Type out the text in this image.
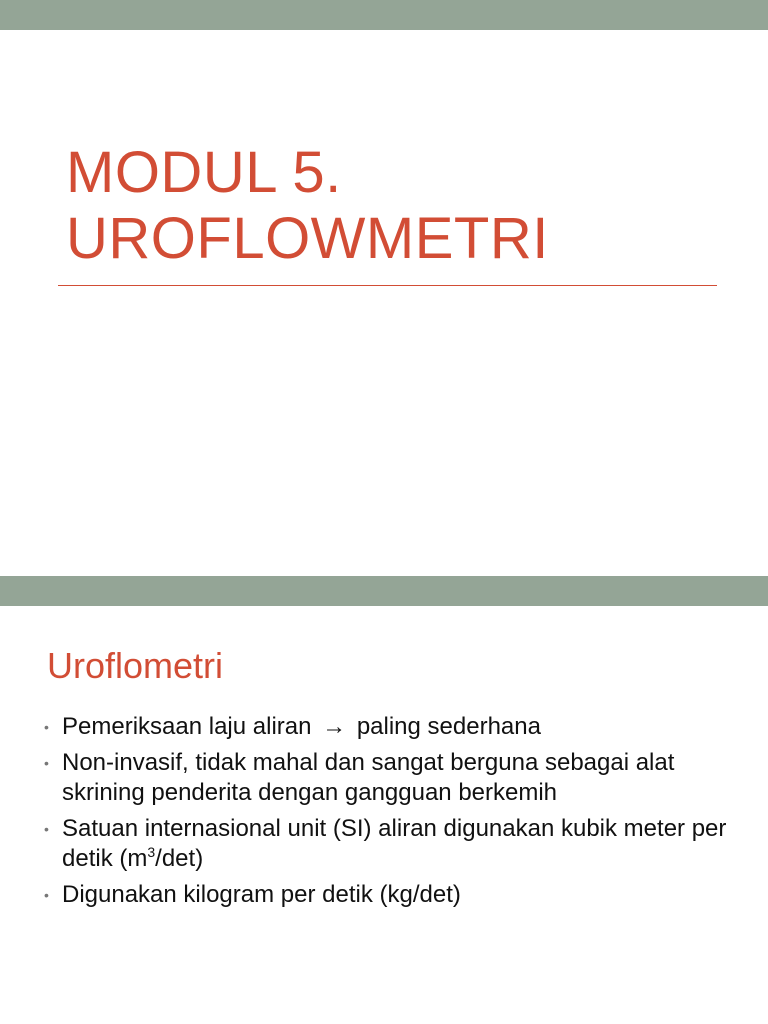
MODUL 5.
UROFLOWMETRI
Uroflometri
• Pemeriksaan laju aliran → paling sederhana
• Non-invasif, tidak mahal dan sangat berguna sebagai alat skrining penderita dengan gangguan berkemih
• Satuan internasional unit (SI) aliran digunakan kubik meter per detik $(m^3/\det)$
• Digunakan kilogram per detik (kg/det)
